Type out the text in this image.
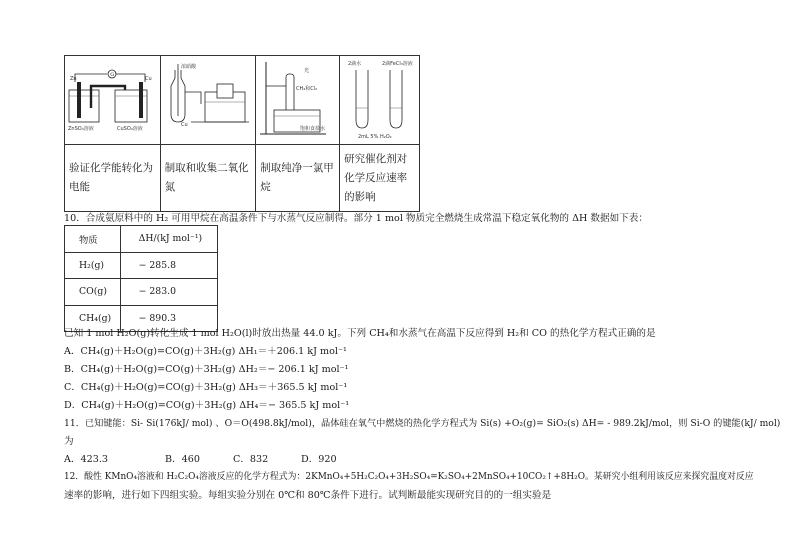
G
Zn Cu
ZnSO₄溶液 CuSO₄溶液	浓硝酸
Cu	光
CH₄和Cl₂
饱和食盐水	2滴水 2滴FeCl₃溶液
2mL 5% H₂O₂

验证化学能转化为电能	制取和收集二氧化氮	制取纯净一氯甲烷	研究催化剂对化学反应速率的影响
10．合成氨原料中的 H₂ 可用甲烷在高温条件下与水蒸气反应制得。部分 1 mol 物质完全燃烧生成常温下稳定氧化物的 ΔH 数据如下表：
物质	ΔH/(kJ mol⁻¹)
H₂(g)	− 285.8
CO(g)	− 283.0
CH₄(g)	− 890.3
已知 1 mol H₂O(g)转化生成 1 mol H₂O(l)时放出热量 44.0 kJ。下列 CH₄和水蒸气在高温下反应得到 H₂和 CO 的热化学方程式正确的是
A．CH₄(g)＋H₂O(g)=CO(g)＋3H₂(g) ΔH₁＝＋206.1 kJ mol⁻¹
B．CH₄(g)＋H₂O(g)=CO(g)＋3H₂(g) ΔH₂＝− 206.1 kJ mol⁻¹
C．CH₄(g)＋H₂O(g)=CO(g)＋3H₂(g) ΔH₃＝＋365.5 kJ mol⁻¹
D．CH₄(g)＋H₂O(g)=CO(g)＋3H₂(g) ΔH₄＝− 365.5 kJ mol⁻¹
11．已知键能：Si- Si(176kJ/ mol) 、O＝O(498.8kJ/mol)，晶体硅在氧气中燃烧的热化学方程式为 Si(s) +O₂(g)= SiO₂(s) ΔH= - 989.2kJ/mol，则 Si-O 的键能(kJ/ mol)
为
A．423.3	B．460	C．832	D．920
12．酸性 KMnO₄溶液和 H₂C₂O₄溶液反应的化学方程式为：2KMnO₄+5H₂C₂O₄+3H₂SO₄=K₂SO₄+2MnSO₄+10CO₂↑+8H₂O。某研究小组利用该反应来探究温度对反应
速率的影响，进行如下四组实验。每组实验分别在 0℃和 80℃条件下进行。试判断最能实现研究目的的一组实验是
